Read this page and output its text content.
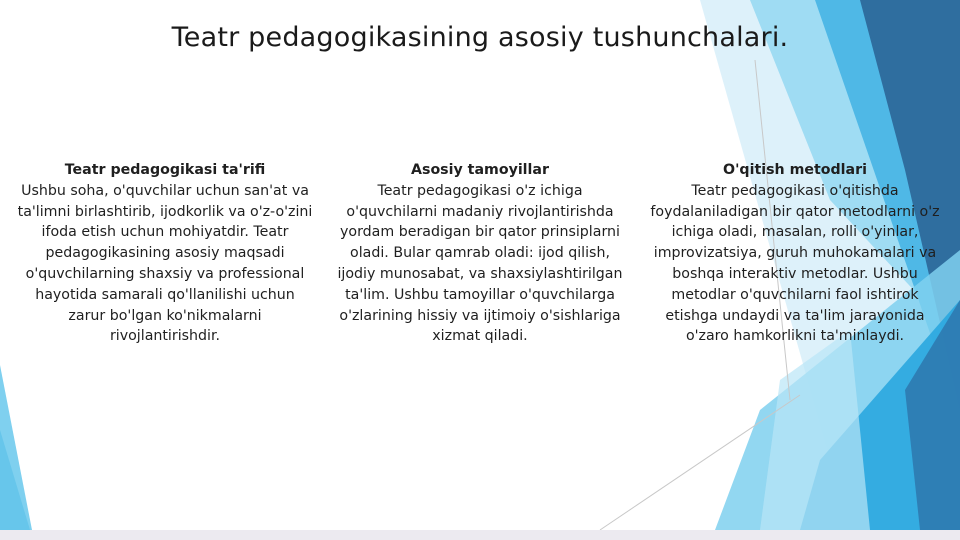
Teatr pedagogikasining asosiy tushunchalari.
Teatr pedagogikasi ta'rifi
Ushbu soha, o'quvchilar uchun san'at va ta'limni birlashtirib, ijodkorlik va o'z-o'zini ifoda etish uchun mohiyatdir. Teatr pedagogikasining asosiy maqsadi o'quvchilarning shaxsiy va professional hayotida samarali qo'llanilishi uchun zarur bo'lgan ko'nikmalarni rivojlantirishdir.
Asosiy tamoyillar
Teatr pedagogikasi o'z ichiga o'quvchilarni madaniy rivojlantirishda yordam beradigan bir qator prinsiplarni oladi. Bular qamrab oladi: ijod qilish, ijodiy munosabat, va shaxsiylashtirilgan ta'lim. Ushbu tamoyillar o'quvchilarga o'zlarining hissiy va ijtimoiy o'sishlariga xizmat qiladi.
O'qitish metodlari
Teatr pedagogikasi o'qitishda foydalaniladigan bir qator metodlarni o'z ichiga oladi, masalan, rolli o'yinlar, improvizatsiya, guruh muhokamalari va boshqa interaktiv metodlar. Ushbu metodlar o'quvchilarni faol ishtirok etishga undaydi va ta'lim jarayonida o'zaro hamkorlikni ta'minlaydi.
